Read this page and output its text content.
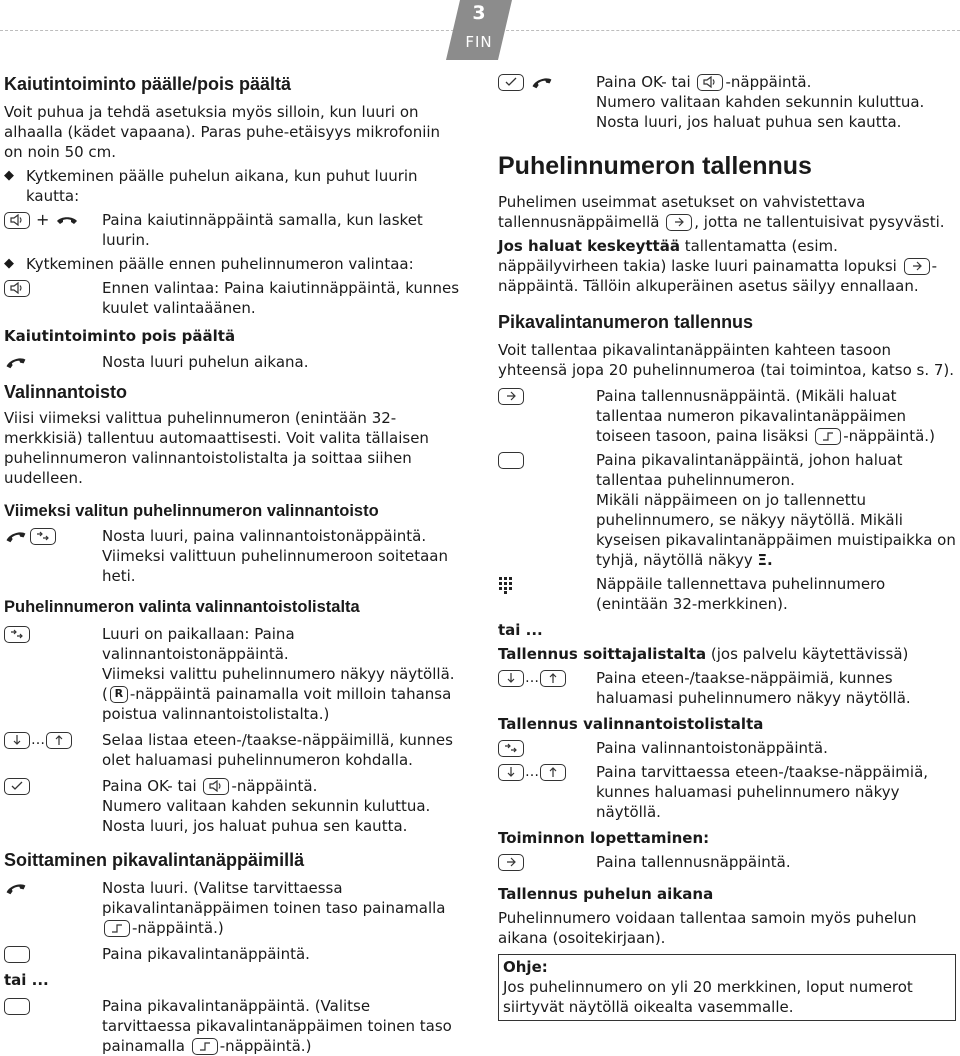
3
FIN
Kaiutintoiminto päälle/pois päältä

Voit puhua ja tehdä asetuksia myös silloin, kun luuri on alhaalla (kädet vapaana). Paras puhe-etäisyys mikrofoniin on noin 50 cm.

◆ Kytkeminen päälle puhelun aikana, kun puhut luurin kautta:
+	Paina kaiutinnäppäintä samalla, kun lasket luurin.
◆ Kytkeminen päälle ennen puhelinnumeron valintaa:
Ennen valintaa: Paina kaiutinnäppäintä, kunnes kuulet valintaäänen.
Kaiutintoiminto pois päältä
Nosta luuri puhelun aikana.
Valinnantoisto

Viisi viimeksi valittua puhelinnumeron (enintään 32-merkkisiä) tallentuu automaattisesti. Voit valita tällaisen puhelinnumeron valinnantoistolistalta ja soittaa siihen uudelleen.

Viimeksi valitun puhelinnumeron valinnantoisto
Nosta luuri, paina valinnantoistonäppäintä. Viimeksi valittuun puhelinnumeroon soitetaan heti.
Puhelinnumeron valinta valinnantoistolistalta
Luuri on paikallaan: Paina valinnantoistonäppäintä.
Viimeksi valittu puhelinnumero näkyy näytöllä. ( R -näppäintä painamalla voit milloin tahansa poistua valinnantoistolistalta.)
…	Selaa listaa eteen-/taakse-näppäimillä, kunnes olet haluamasi puhelinnumeron kohdalla.
Paina OK- tai -näppäintä.
Numero valitaan kahden sekunnin kuluttua. Nosta luuri, jos haluat puhua sen kautta.
Soittaminen pikavalintanäppäimillä
Nosta luuri. (Valitse tarvittaessa pikavalintanäppäimen toinen taso painamalla -näppäintä.)
Paina pikavalintanäppäintä.
tai ...
Paina pikavalintanäppäintä. (Valitse tarvittaessa pikavalintanäppäimen toinen taso painamalla -näppäintä.)
Paina OK- tai -näppäintä.
Numero valitaan kahden sekunnin kuluttua. Nosta luuri, jos haluat puhua sen kautta.
Puhelinnumeron tallennus

Puhelimen useimmat asetukset on vahvistettava tallennusnäppäimellä , jotta ne tallentuisivat pysyvästi.

Jos haluat keskeyttää tallentamatta (esim. näppäilyvirheen takia) laske luuri painamatta lopuksi -näppäintä. Tällöin alkuperäinen asetus säilyy ennallaan.

Pikavalintanumeron tallennus

Voit tallentaa pikavalintanäppäinten kahteen tasoon yhteensä jopa 20 puhelinnumeroa (tai toimintoa, katso s. 7).

Paina tallennusnäppäintä. (Mikäli haluat tallentaa numeron pikavalintanäppäimen toiseen tasoon, paina lisäksi -näppäintä.)
Paina pikavalintanäppäintä, johon haluat tallentaa puhelinnumeron.
Mikäli näppäimeen on jo tallennettu puhelinnumero, se näkyy näytöllä. Mikäli kyseisen pikavalintanäppäimen muistipaikka on tyhjä, näytöllä näkyy Ξ.
Näppäile tallennettava puhelinnumero (enintään 32-merkkinen).
tai ...

Tallennus soittajalistalta (jos palvelu käytettävissä)

…	Paina eteen-/taakse-näppäimiä, kunnes haluamasi puhelinnumero näkyy näytöllä.
Tallennus valinnantoistolistalta
Paina valinnantoistonäppäintä.
…	Paina tarvittaessa eteen-/taakse-näppäimiä, kunnes haluamasi puhelinnumero näkyy näytöllä.
Toiminnon lopettaminen:
Paina tallennusnäppäintä.
Tallennus puhelun aikana

Puhelinnumero voidaan tallentaa samoin myös puhelun aikana (osoitekirjaan).

Ohje:
Jos puhelinnumero on yli 20 merkkinen, loput numerot siirtyvät näytöllä oikealta vasemmalle.
